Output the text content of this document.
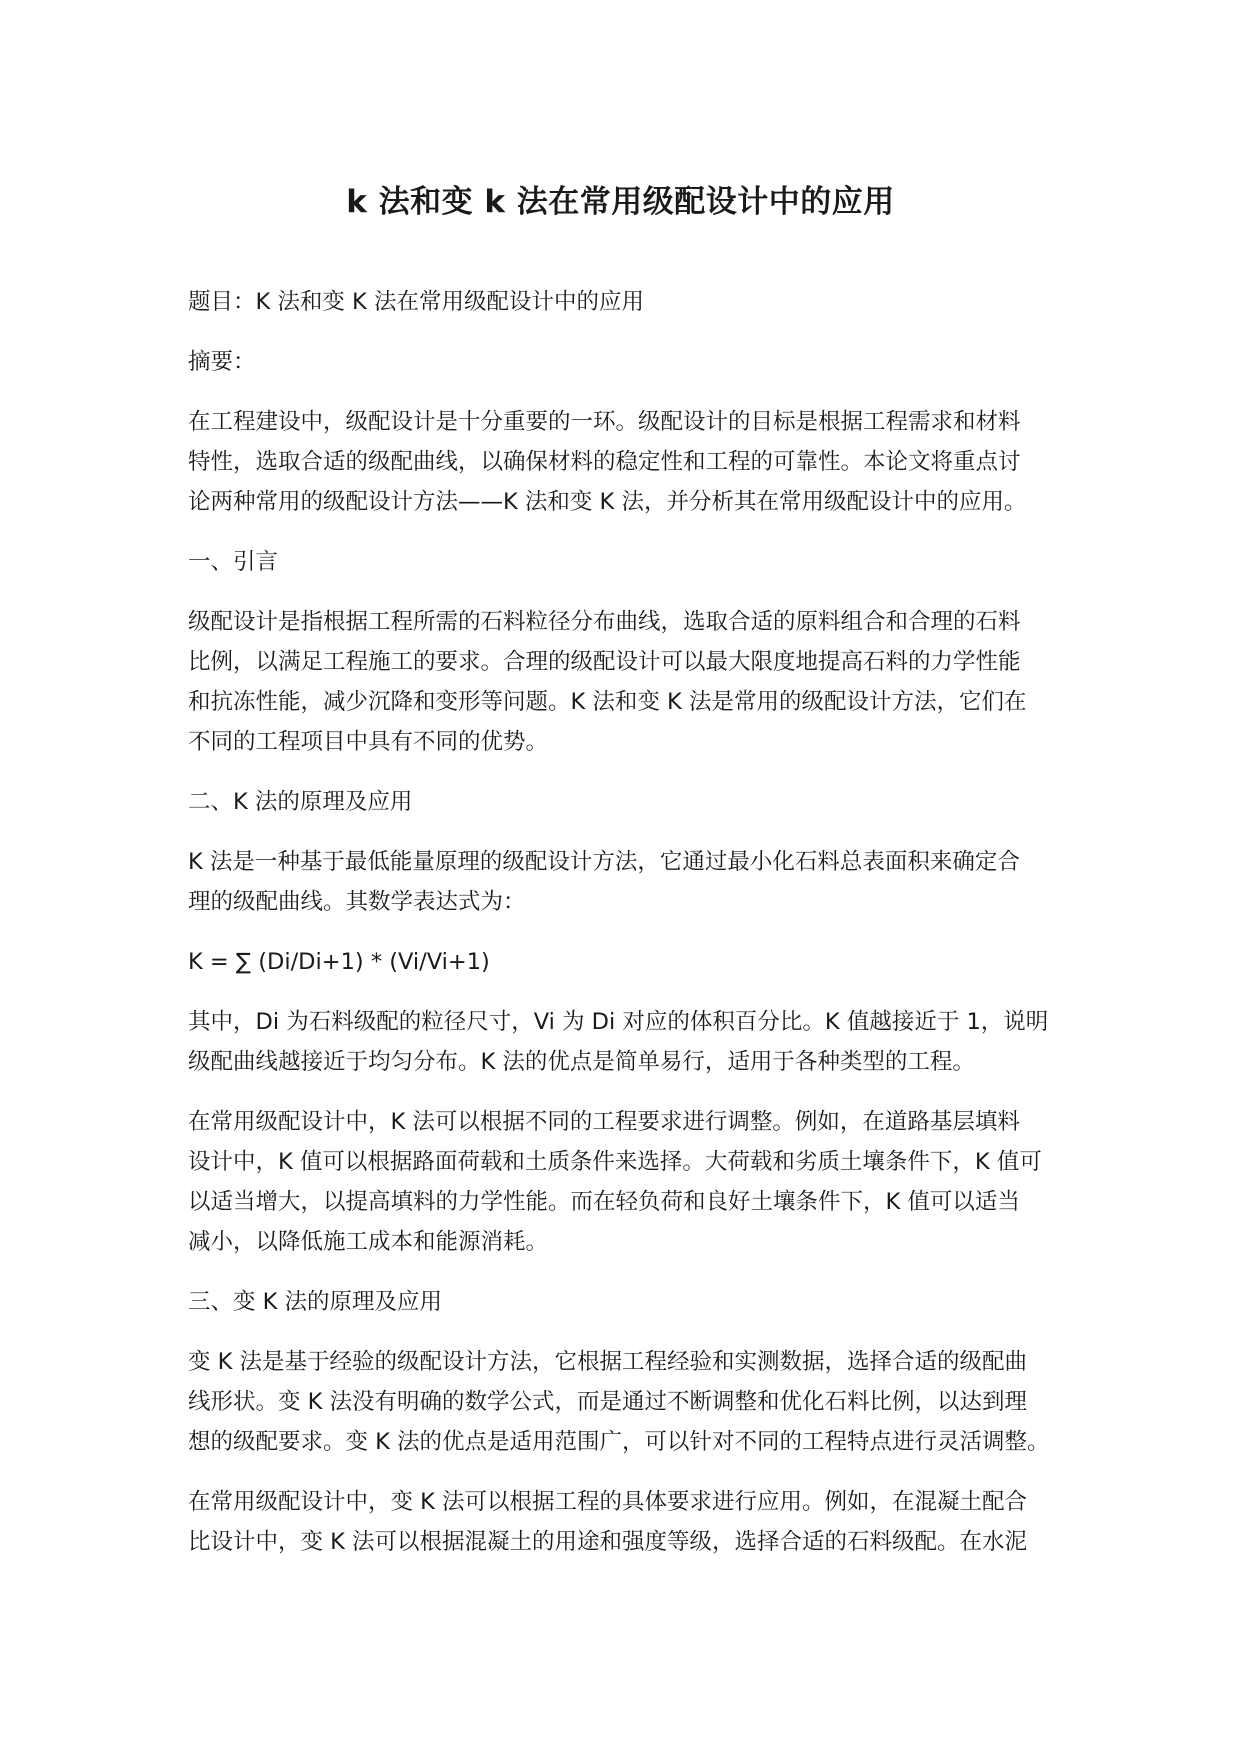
k 法和变 k 法在常用级配设计中的应用

题目：K 法和变 K 法在常用级配设计中的应用

摘要：

在工程建设中，级配设计是十分重要的一环。级配设计的目标是根据工程需求和材料
特性，选取合适的级配曲线，以确保材料的稳定性和工程的可靠性。本论文将重点讨
论两种常用的级配设计方法——K 法和变 K 法，并分析其在常用级配设计中的应用。

一、引言

级配设计是指根据工程所需的石料粒径分布曲线，选取合适的原料组合和合理的石料
比例，以满足工程施工的要求。合理的级配设计可以最大限度地提高石料的力学性能
和抗冻性能，减少沉降和变形等问题。K 法和变 K 法是常用的级配设计方法，它们在
不同的工程项目中具有不同的优势。

二、K 法的原理及应用

K 法是一种基于最低能量原理的级配设计方法，它通过最小化石料总表面积来确定合
理的级配曲线。其数学表达式为：

K = ∑ (Di/Di+1) * (Vi/Vi+1)

其中，Di 为石料级配的粒径尺寸，Vi 为 Di 对应的体积百分比。K 值越接近于 1，说明
级配曲线越接近于均匀分布。K 法的优点是简单易行，适用于各种类型的工程。

在常用级配设计中，K 法可以根据不同的工程要求进行调整。例如，在道路基层填料
设计中，K 值可以根据路面荷载和土质条件来选择。大荷载和劣质土壤条件下，K 值可
以适当增大，以提高填料的力学性能。而在轻负荷和良好土壤条件下，K 值可以适当
减小，以降低施工成本和能源消耗。

三、变 K 法的原理及应用

变 K 法是基于经验的级配设计方法，它根据工程经验和实测数据，选择合适的级配曲
线形状。变 K 法没有明确的数学公式，而是通过不断调整和优化石料比例，以达到理
想的级配要求。变 K 法的优点是适用范围广，可以针对不同的工程特点进行灵活调整。

在常用级配设计中，变 K 法可以根据工程的具体要求进行应用。例如，在混凝土配合
比设计中，变 K 法可以根据混凝土的用途和强度等级，选择合适的石料级配。在水泥
